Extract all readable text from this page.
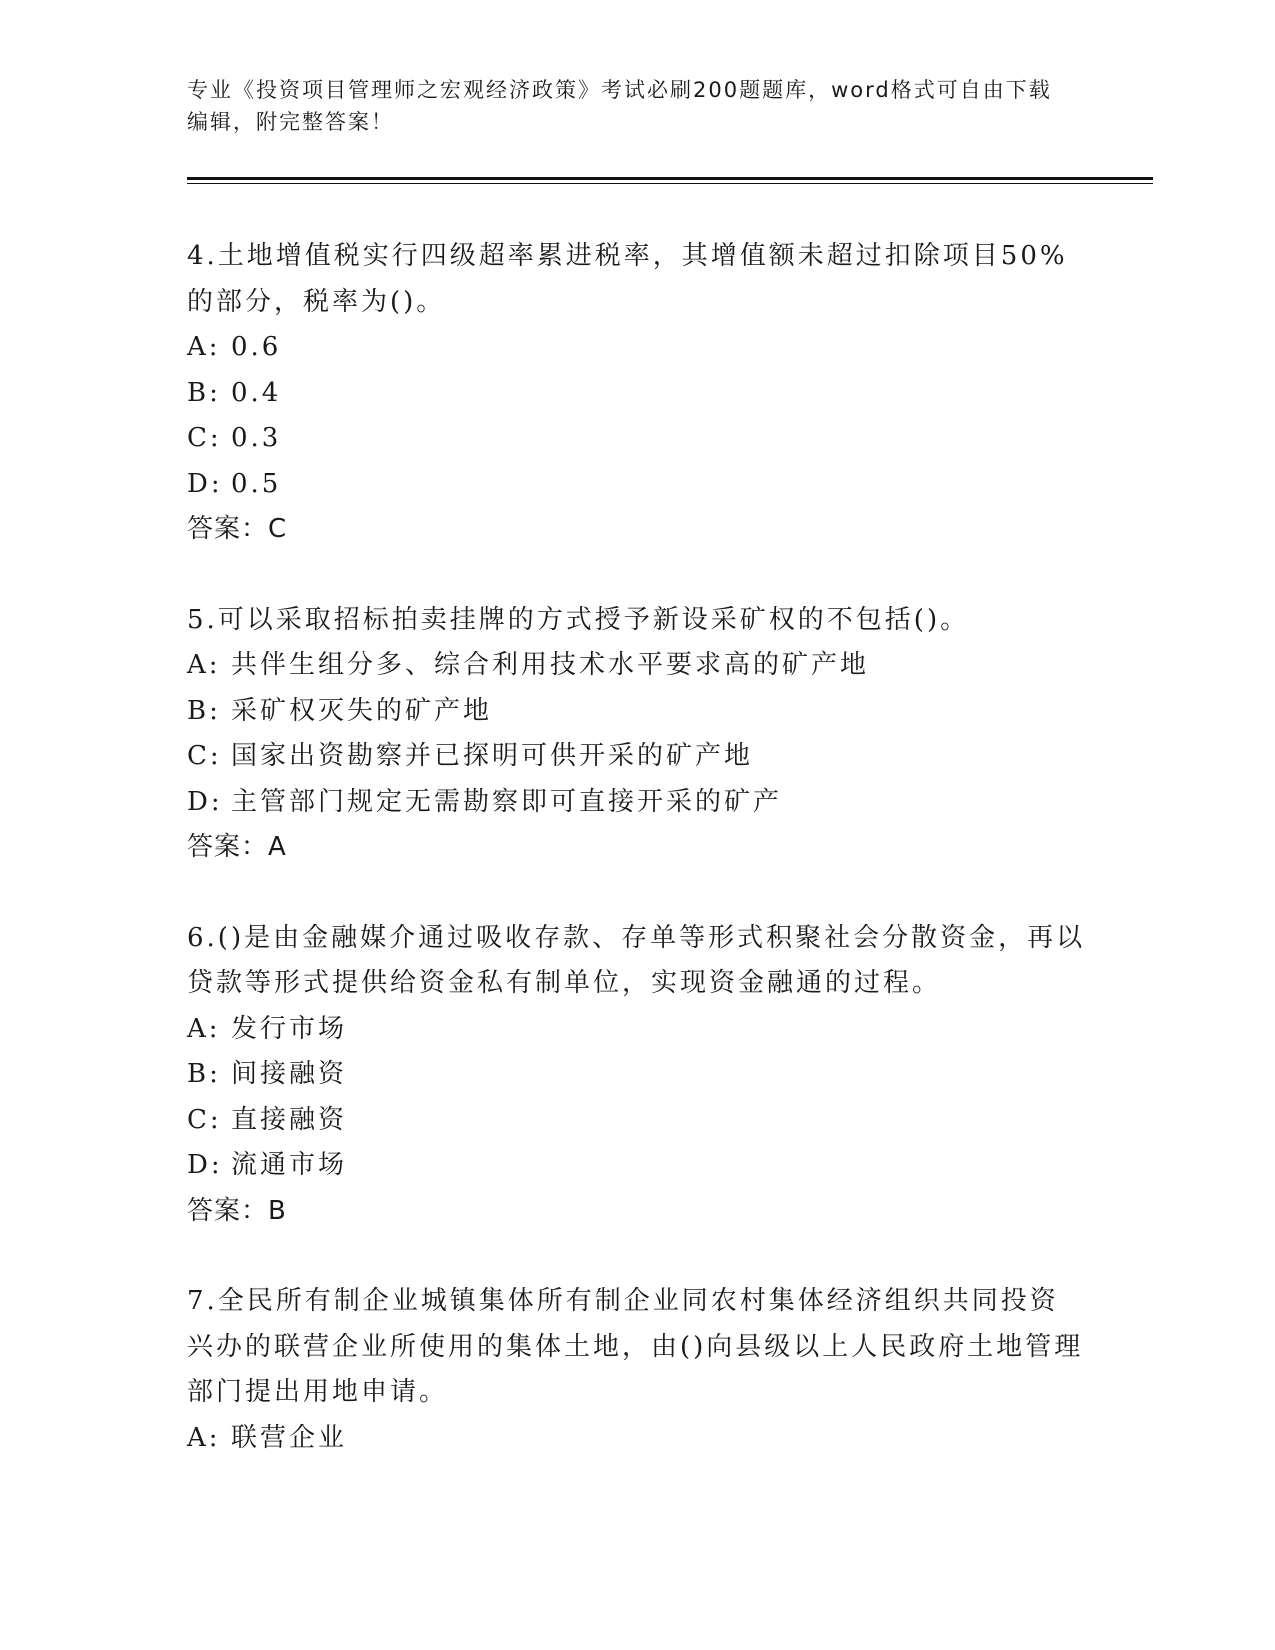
专业《投资项目管理师之宏观经济政策》考试必刷200题题库，word格式可自由下载编辑，附完整答案！
4.土地增值税实行四级超率累进税率，其增值额未超过扣除项目50%的部分，税率为()。
A: 0.6
B: 0.4
C: 0.3
D: 0.5
答案：C
5.可以采取招标拍卖挂牌的方式授予新设采矿权的不包括()。
A: 共伴生组分多、综合利用技术水平要求高的矿产地
B: 采矿权灭失的矿产地
C: 国家出资勘察并已探明可供开采的矿产地
D: 主管部门规定无需勘察即可直接开采的矿产
答案：A
6.()是由金融媒介通过吸收存款、存单等形式积聚社会分散资金，再以贷款等形式提供给资金私有制单位，实现资金融通的过程。
A: 发行市场
B: 间接融资
C: 直接融资
D: 流通市场
答案：B
7.全民所有制企业城镇集体所有制企业同农村集体经济组织共同投资兴办的联营企业所使用的集体土地，由()向县级以上人民政府土地管理部门提出用地申请。
A: 联营企业
